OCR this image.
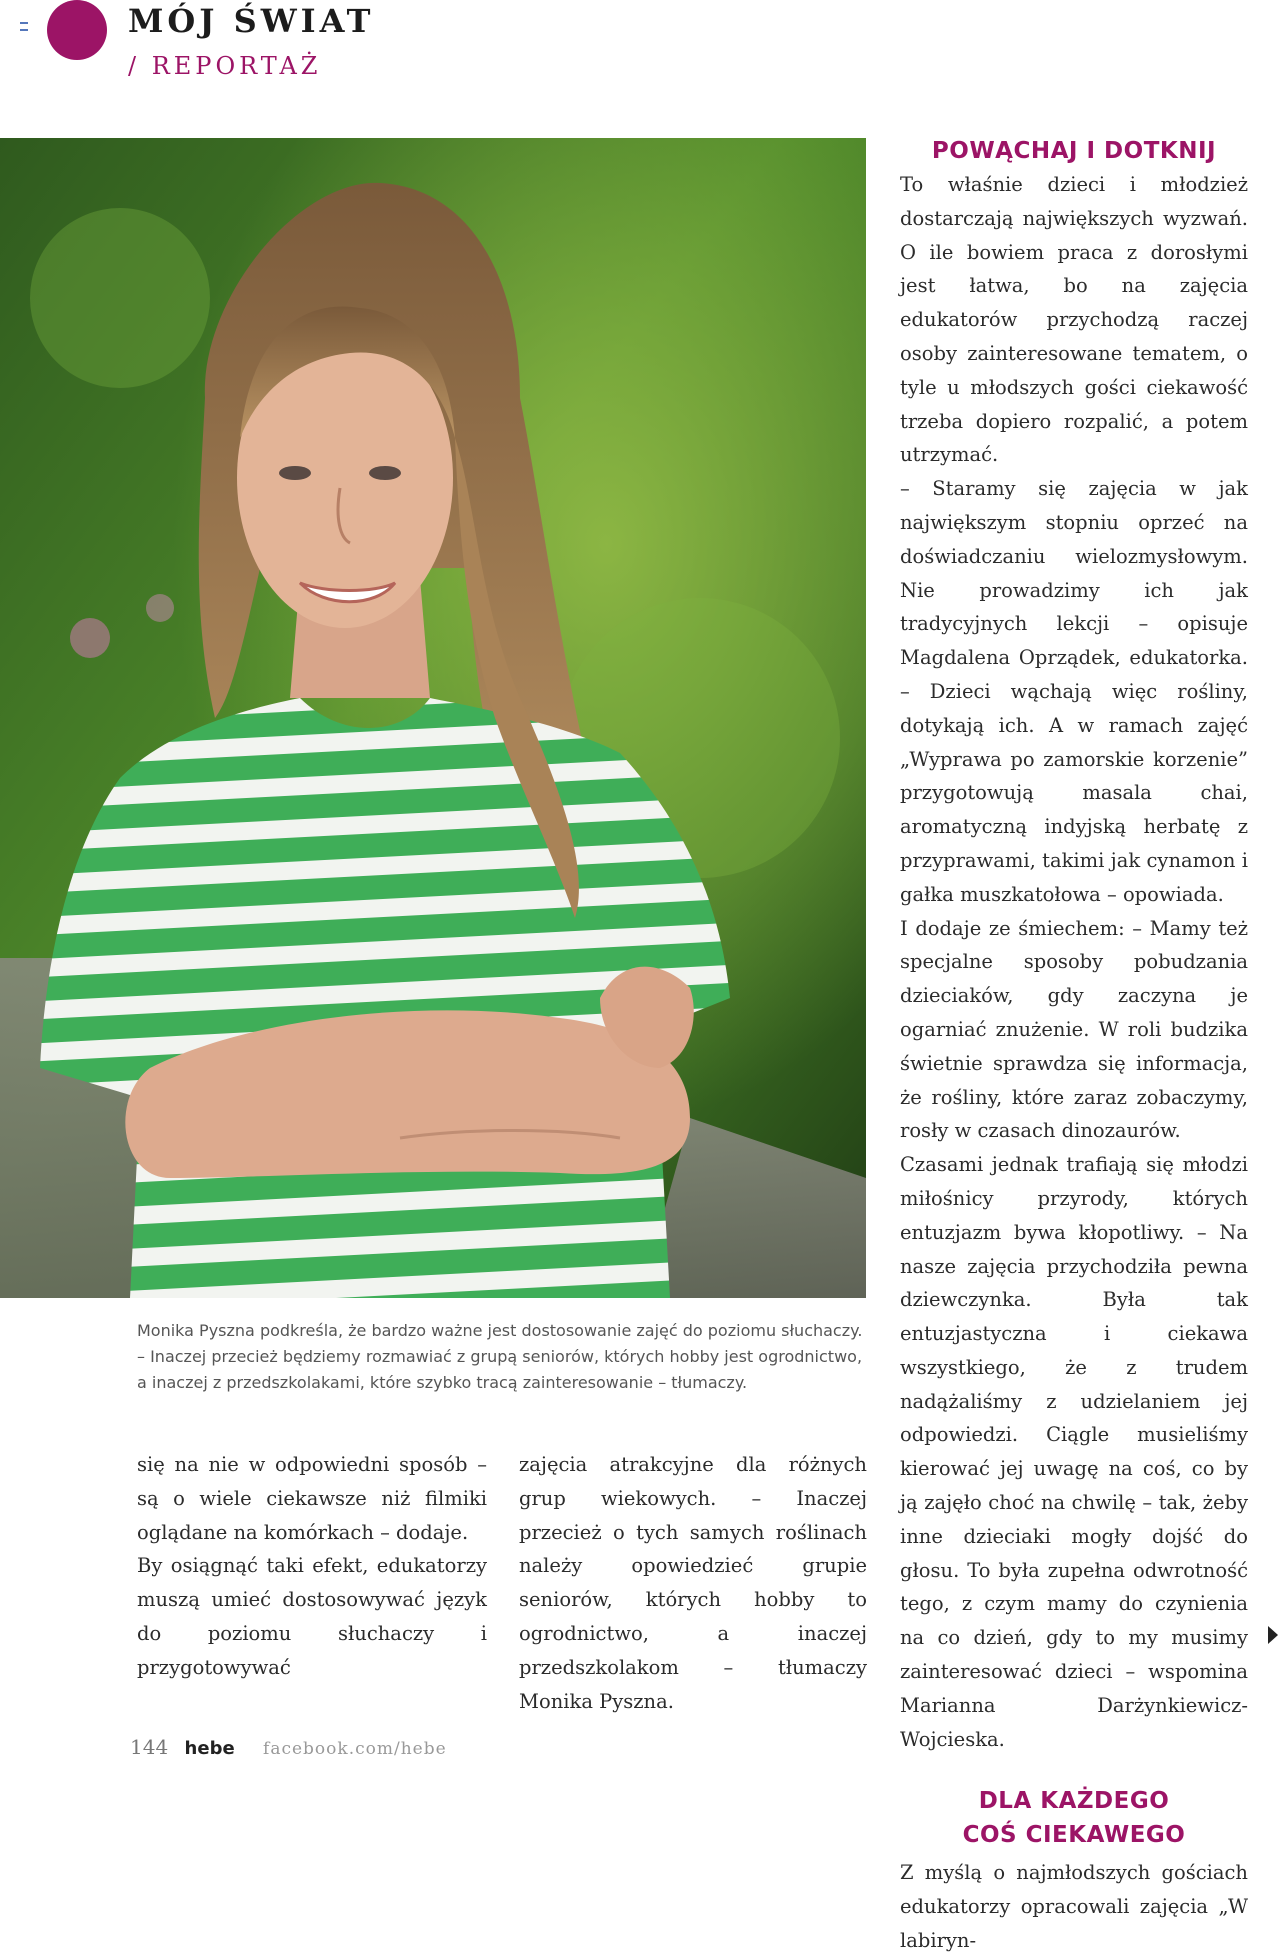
MÓJ ŚWIAT
/ REPORTAŻ

Monika Pyszna podkreśla, że bardzo ważne jest dostosowanie zajęć do poziomu słuchaczy. – Inaczej przecież będziemy rozmawiać z grupą seniorów, których hobby jest ogrodnictwo, a inaczej z przedszkolakami, które szybko tracą zainteresowanie – tłumaczy.

się na nie w odpowiedni sposób – są o wiele ciekawsze niż filmiki oglądane na komórkach – dodaje.

By osiągnąć taki efekt, edukatorzy muszą umieć dostosowywać język do poziomu słuchaczy i przygotowywać

zajęcia atrakcyjne dla różnych grup wiekowych. – Inaczej przecież o tych samych roślinach należy opowiedzieć grupie seniorów, których hobby to ogrodnictwo, a inaczej przedszkolakom – tłumaczy Monika Pyszna.

POWĄCHAJ I DOTKNIJ

To właśnie dzieci i młodzież dostarczają największych wyzwań. O ile bowiem praca z dorosłymi jest łatwa, bo na zajęcia edukatorów przychodzą raczej osoby zainteresowane tematem, o tyle u młodszych gości ciekawość trzeba dopiero rozpalić, a potem utrzymać.

– Staramy się zajęcia w jak największym stopniu oprzeć na doświadczaniu wielozmysłowym. Nie prowadzimy ich jak tradycyjnych lekcji – opisuje Magdalena Oprządek, edukatorka. – Dzieci wąchają więc rośliny, dotykają ich. A w ramach zajęć „Wyprawa po zamorskie korzenie” przygotowują masala chai, aromatyczną indyjską herbatę z przyprawami, takimi jak cynamon i gałka muszkatołowa – opowiada.

I dodaje ze śmiechem: – Mamy też specjalne sposoby pobudzania dzieciaków, gdy zaczyna je ogarniać znużenie. W roli budzika świetnie sprawdza się informacja, że rośliny, które zaraz zobaczymy, rosły w czasach dinozaurów.

Czasami jednak trafiają się młodzi miłośnicy przyrody, których entuzjazm bywa kłopotliwy. – Na nasze zajęcia przychodziła pewna dziewczynka. Była tak entuzjastyczna i ciekawa wszystkiego, że z trudem nadążaliśmy z udzielaniem jej odpowiedzi. Ciągle musieliśmy kierować jej uwagę na coś, co by ją zajęło choć na chwilę – tak, żeby inne dzieciaki mogły dojść do głosu. To była zupełna odwrotność tego, z czym mamy do czynienia na co dzień, gdy to my musimy zainteresować dzieci – wspomina Marianna Darżynkiewicz-Wojcieska.

DLA KAŻDEGO
COŚ CIEKAWEGO

Z myślą o najmłodszych gościach edukatorzy opracowali zajęcia „W labiryn-

144 hebe facebook.com/hebe
